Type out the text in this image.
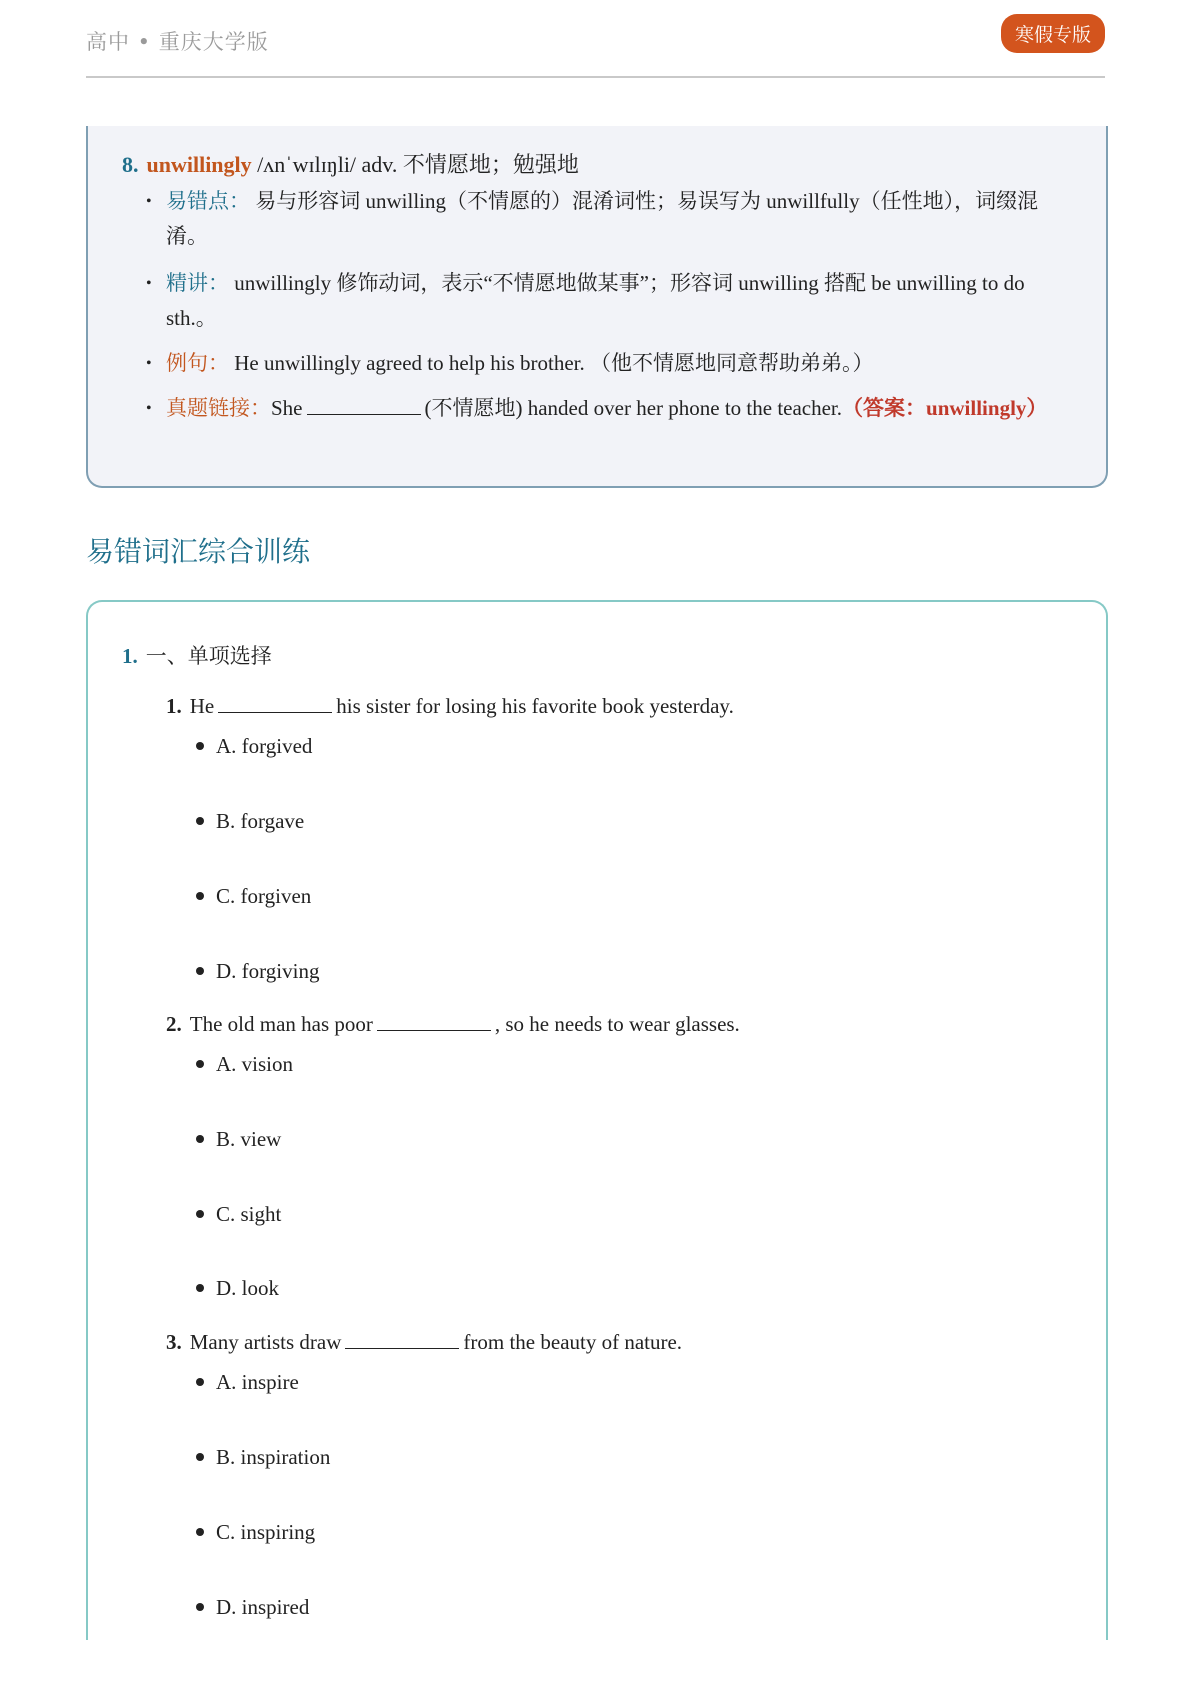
高中 • 重庆大学版	寒假专版
8. unwillingly /ʌnˈwɪlɪŋli/ adv. 不情愿地；勉强地
• 易错点： 易与形容词 unwilling（不情愿的）混淆词性；易误写为 unwillfully（任性地），词缀混淆。
• 精讲： unwillingly 修饰动词，表示“不情愿地做某事”；形容词 unwilling 搭配 be unwilling to do sth.。
• 例句： He unwillingly agreed to help his brother. （他不情愿地同意帮助弟弟。）
• 真题链接：She	(不情愿地) handed over her phone to the teacher.（答案：unwillingly）
易错词汇综合训练
1. 一、单项选择
1. He	his sister for losing his favorite book yesterday.
A. forgived
B. forgave
C. forgiven
D. forgiving
2. The old man has poor	, so he needs to wear glasses.
A. vision
B. view
C. sight
D. look
3. Many artists draw	from the beauty of nature.
A. inspire
B. inspiration
C. inspiring
D. inspired
